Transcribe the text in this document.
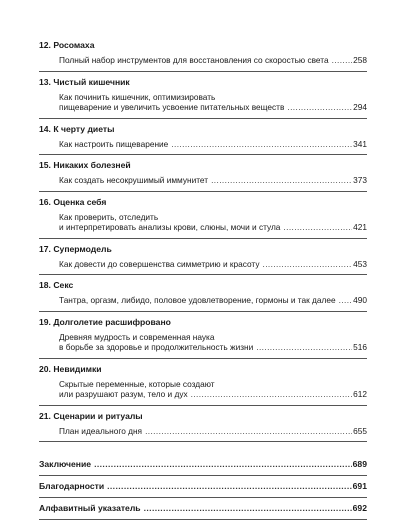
12. Росомаха
Полный набор инструментов для восстановления со скоростью света .....	258
13. Чистый кишечник
Как починить кишечник, оптимизировать
пищеварение и увеличить усвоение питательных веществ .....	294
14. К черту диеты
Как настроить пищеварение .....	341
15. Никаких болезней
Как создать несокрушимый иммунитет .....	373
16. Оценка себя
Как проверить, отследить
и интерпретировать анализы крови, слюны, мочи и стула .....	421
17. Супермодель
Как довести до совершенства симметрию и красоту .....	453
18. Секс
Тантра, оргазм, либидо, половое удовлетворение, гормоны и так далее ..... 490
19. Долголетие расшифровано
Древняя мудрость и современная наука
в борьбе за здоровье и продолжительность жизни .....	516
20. Невидимки
Скрытые переменные, которые создают
или разрушают разум, тело и дух .....	612
21. Сценарии и ритуалы
План идеального дня .....	655
Заключение .....	689
Благодарности .....	691
Алфавитный указатель .....	692
